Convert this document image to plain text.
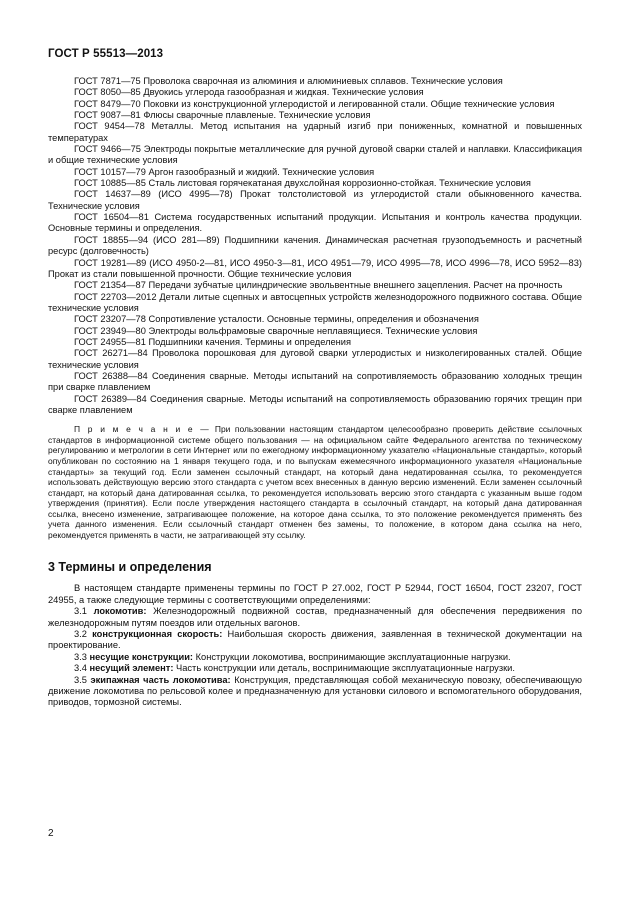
ГОСТ Р 55513—2013

ГОСТ 7871—75 Проволока сварочная из алюминия и алюминиевых сплавов. Технические условия

ГОСТ 8050—85 Двуокись углерода газообразная и жидкая. Технические условия

ГОСТ 8479—70 Поковки из конструкционной углеродистой и легированной стали. Общие технические условия

ГОСТ 9087—81 Флюсы сварочные плавленые. Технические условия

ГОСТ 9454—78 Металлы. Метод испытания на ударный изгиб при пониженных, комнатной и повышенных температурах

ГОСТ 9466—75 Электроды покрытые металлические для ручной дуговой сварки сталей и наплавки. Классификация и общие технические условия

ГОСТ 10157—79 Аргон газообразный и жидкий. Технические условия

ГОСТ 10885—85 Сталь листовая горячекатаная двухслойная коррозионно-стойкая. Технические условия

ГОСТ 14637—89 (ИСО 4995—78) Прокат толстолистовой из углеродистой стали обыкновенного качества. Технические условия

ГОСТ 16504—81 Система государственных испытаний продукции. Испытания и контроль качества продукции. Основные термины и определения.

ГОСТ 18855—94 (ИСО 281—89) Подшипники качения. Динамическая расчетная грузоподъемность и расчетный ресурс (долговечность)

ГОСТ 19281—89 (ИСО 4950-2—81, ИСО 4950-3—81, ИСО 4951—79, ИСО 4995—78, ИСО 4996—78, ИСО 5952—83) Прокат из стали повышенной прочности. Общие технические условия

ГОСТ 21354—87 Передачи зубчатые цилиндрические эвольвентные внешнего зацепления. Расчет на прочность

ГОСТ 22703—2012 Детали литые сцепных и автосцепных устройств железнодорожного подвижного состава. Общие технические условия

ГОСТ 23207—78 Сопротивление усталости. Основные термины, определения и обозначения

ГОСТ 23949—80 Электроды вольфрамовые сварочные неплавящиеся. Технические условия

ГОСТ 24955—81 Подшипники качения. Термины и определения

ГОСТ 26271—84 Проволока порошковая для дуговой сварки углеродистых и низколегированных сталей. Общие технические условия

ГОСТ 26388—84 Соединения сварные. Методы испытаний на сопротивляемость образованию холодных трещин при сварке плавлением

ГОСТ 26389—84 Соединения сварные. Методы испытаний на сопротивляемость образованию горячих трещин при сварке плавлением

П р и м е ч а н и е — При пользовании настоящим стандартом целесообразно проверить действие ссылочных стандартов в информационной системе общего пользования — на официальном сайте Федерального агентства по техническому регулированию и метрологии в сети Интернет или по ежегодному информационному указателю «Национальные стандарты», который опубликован по состоянию на 1 января текущего года, и по выпускам ежемесячного информационного указателя «Национальные стандарты» за текущий год. Если заменен ссылочный стандарт, на который дана недатированная ссылка, то рекомендуется использовать действующую версию этого стандарта с учетом всех внесенных в данную версию изменений. Если заменен ссылочный стандарт, на который дана датированная ссылка, то рекомендуется использовать версию этого стандарта с указанным выше годом утверждения (принятия). Если после утверждения настоящего стандарта в ссылочный стандарт, на который дана датированная ссылка, внесено изменение, затрагивающее положение, на которое дана ссылка, то это положение рекомендуется применять без учета данного изменения. Если ссылочный стандарт отменен без замены, то положение, в котором дана ссылка на него, рекомендуется применять в части, не затрагивающей эту ссылку.
3 Термины и определения

В настоящем стандарте применены термины по ГОСТ Р 27.002, ГОСТ Р 52944, ГОСТ 16504, ГОСТ 23207, ГОСТ 24955, а также следующие термины с соответствующими определениями:

3.1 локомотив: Железнодорожный подвижной состав, предназначенный для обеспечения передвижения по железнодорожным путям поездов или отдельных вагонов.

3.2 конструкционная скорость: Наибольшая скорость движения, заявленная в технической документации на проектирование.

3.3 несущие конструкции: Конструкции локомотива, воспринимающие эксплуатационные нагрузки.

3.4 несущий элемент: Часть конструкции или деталь, воспринимающие эксплуатационные нагрузки.

3.5 экипажная часть локомотива: Конструкция, представляющая собой механическую повозку, обеспечивающую движение локомотива по рельсовой колее и предназначенную для установки силового и вспомогательного оборудования, приводов, тормозной системы.

2
